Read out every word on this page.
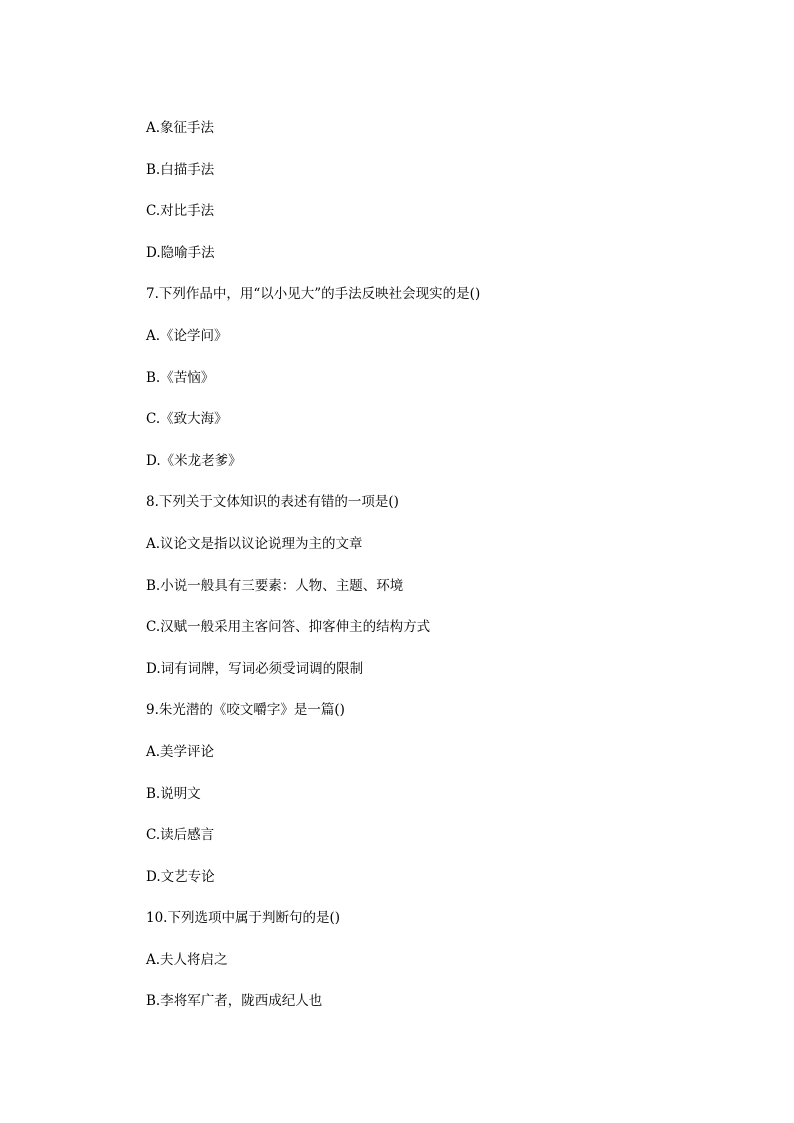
A.象征手法
B.白描手法
C.对比手法
D.隐喻手法
7.下列作品中，用“以小见大”的手法反映社会现实的是()
A.《论学问》
B.《苦恼》
C.《致大海》
D.《米龙老爹》
8.下列关于文体知识的表述有错的一项是()
A.议论文是指以议论说理为主的文章
B.小说一般具有三要素：人物、主题、环境
C.汉赋一般采用主客问答、抑客伸主的结构方式
D.词有词牌，写词必须受词调的限制
9.朱光潜的《咬文嚼字》是一篇()
A.美学评论
B.说明文
C.读后感言
D.文艺专论
10.下列选项中属于判断句的是()
A.夫人将启之
B.李将军广者，陇西成纪人也
